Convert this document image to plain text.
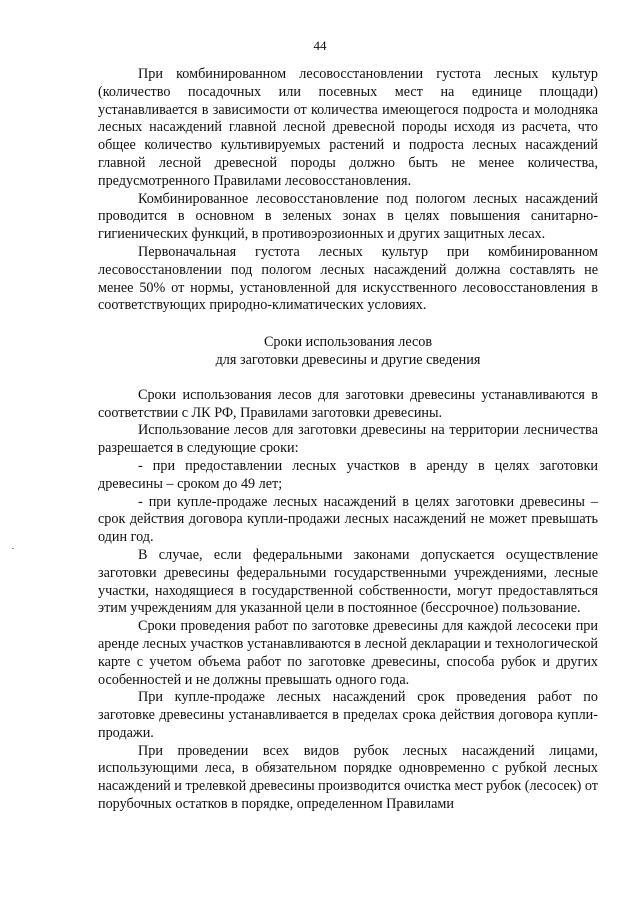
44

При комбинированном лесовосстановлении густота лесных культур (количество посадочных или посевных мест на единице площади) устанавливается в зависимости от количества имеющегося подроста и молодняка лесных насаждений главной лесной древесной породы исходя из расчета, что общее количество культивируемых растений и подроста лесных насаждений главной лесной древесной породы должно быть не менее количества, предусмотренного Правилами лесовосстановления.

Комбинированное лесовосстановление под пологом лесных насаждений проводится в основном в зеленых зонах в целях повышения санитарно-гигиенических функций, в противоэрозионных и других защитных лесах.

Первоначальная густота лесных культур при комбинированном лесовосстановлении под пологом лесных насаждений должна составлять не менее 50% от нормы, установленной для искусственного лесовосстановления в соответствующих природно-климатических условиях.

Сроки использования лесов

для заготовки древесины и другие сведения

Сроки использования лесов для заготовки древесины устанавливаются в соответствии с ЛК РФ, Правилами заготовки древесины.

Использование лесов для заготовки древесины на территории лесничества разрешается в следующие сроки:

- при предоставлении лесных участков в аренду в целях заготовки древесины – сроком до 49 лет;

- при купле-продаже лесных насаждений в целях заготовки древесины – срок действия договора купли-продажи лесных насаждений не может превышать один год.

В случае, если федеральными законами допускается осуществление заготовки древесины федеральными государственными учреждениями, лесные участки, находящиеся в государственной собственности, могут предоставляться этим учреждениям для указанной цели в постоянное (бессрочное) пользование.

Сроки проведения работ по заготовке древесины для каждой лесосеки при аренде лесных участков устанавливаются в лесной декларации и технологической карте с учетом объема работ по заготовке древесины, способа рубок и других особенностей и не должны превышать одного года.

При купле-продаже лесных насаждений срок проведения работ по заготовке древесины устанавливается в пределах срока действия договора купли-продажи.

При проведении всех видов рубок лесных насаждений лицами, использующими леса, в обязательном порядке одновременно с рубкой лесных насаждений и трелевкой древесины производится очистка мест рубок (лесосек) от порубочных остатков в порядке, определенном Правилами
